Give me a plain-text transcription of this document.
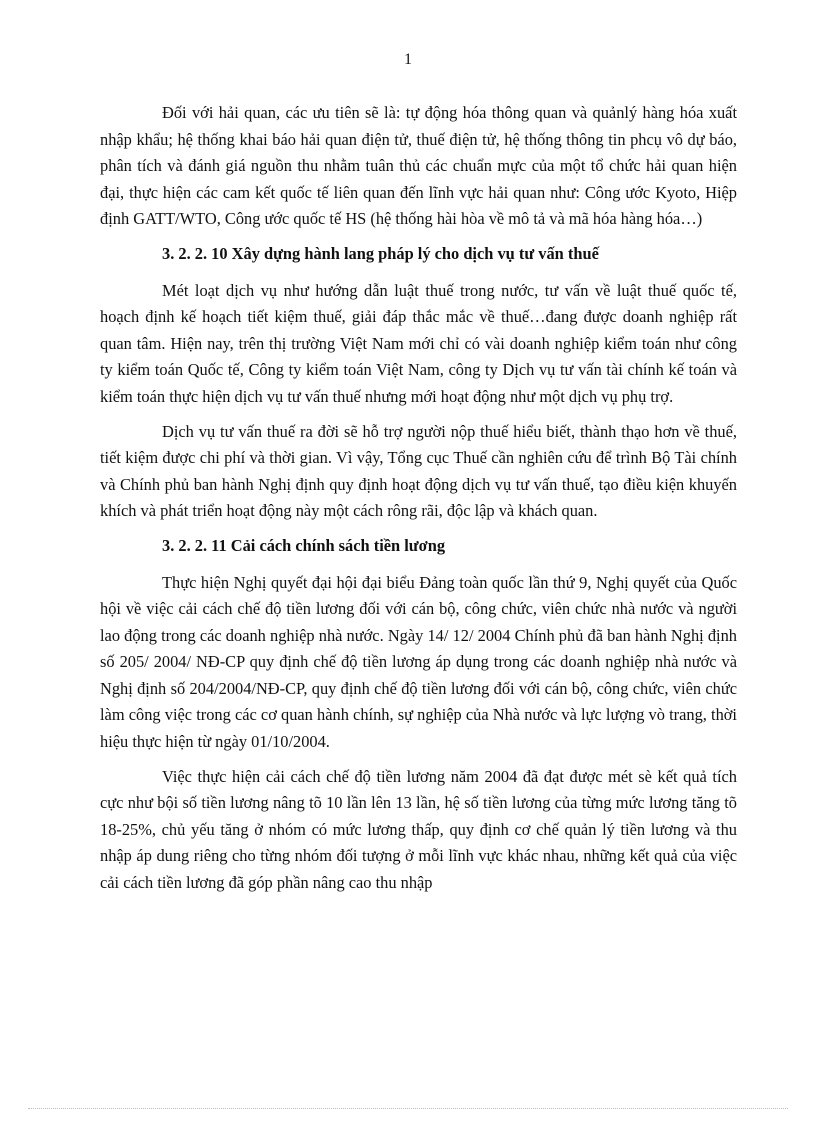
1

Đối với hải quan, các ưu tiên sẽ là: tự động hóa thông quan và quảnlý hàng hóa xuất nhập khẩu; hệ thống khai báo hải quan điện tử, thuế điện tử, hệ thống thông tin phcụ vô dự báo, phân tích và đánh giá nguồn thu nhằm tuân thủ các chuẩn mực của một tổ chức hải quan hiện đại, thực hiện các cam kết quốc tế liên quan đến lĩnh vực hải quan như: Công ước Kyoto, Hiệp định GATT/WTO, Công ước quốc tế HS (hệ thống hài hòa về mô tả và mã hóa hàng hóa…)

3. 2. 2. 10 Xây dựng hành lang pháp lý cho dịch vụ tư vấn thuế

Mét loạt dịch vụ như hướng dẫn luật thuế trong nước, tư vấn về luật thuế quốc tế, hoạch định kế hoạch tiết kiệm thuế, giải đáp thắc mắc về thuế…đang được doanh nghiệp rất quan tâm. Hiện nay, trên thị trường Việt Nam mới chỉ có vài doanh nghiệp kiểm toán như công ty kiểm toán Quốc tế, Công ty kiểm toán Việt Nam, công ty Dịch vụ tư vấn tài chính kế toán và kiểm toán thực hiện dịch vụ tư vấn thuế nhưng mới hoạt động như một dịch vụ phụ trợ.

Dịch vụ tư vấn thuế ra đời sẽ hỗ trợ người nộp thuế hiểu biết, thành thạo hơn về thuế, tiết kiệm được chi phí và thời gian. Vì vậy, Tổng cục Thuế cần nghiên cứu để trình Bộ Tài chính và Chính phủ ban hành Nghị định quy định hoạt động dịch vụ tư vấn thuế, tạo điều kiện khuyến khích và phát triển hoạt động này một cách rông rãi, độc lập và khách quan.

3. 2. 2. 11 Cải cách chính sách tiền lương

Thực hiện Nghị quyết đại hội đại biểu Đảng toàn quốc lần thứ 9, Nghị quyết của Quốc hội về việc cải cách chế độ tiền lương đối với cán bộ, công chức, viên chức nhà nước và người lao động trong các doanh nghiệp nhà nước. Ngày 14/ 12/ 2004 Chính phủ đã ban hành Nghị định số 205/ 2004/ NĐ-CP quy định chế độ tiền lương áp dụng trong các doanh nghiệp nhà nước và Nghị định số 204/2004/NĐ-CP, quy định chế độ tiền lương đối với cán bộ, công chức, viên chức làm công việc trong các cơ quan hành chính, sự nghiệp của Nhà nước và lực lượng vò trang, thời hiệu thực hiện từ ngày 01/10/2004.

Việc thực hiện cải cách chế độ tiền lương năm 2004 đã đạt được mét sè kết quả tích cực như bội số tiền lương nâng tõ 10 lần lên 13 lần, hệ số tiền lương của từng mức lương tăng tõ 18-25%, chủ yếu tăng ở nhóm có mức lương thấp, quy định cơ chế quản lý tiền lương và thu nhập áp dung riêng cho từng nhóm đối tượng ở mỗi lĩnh vực khác nhau, những kết quả của việc cải cách tiền lương đã góp phần nâng cao thu nhập
